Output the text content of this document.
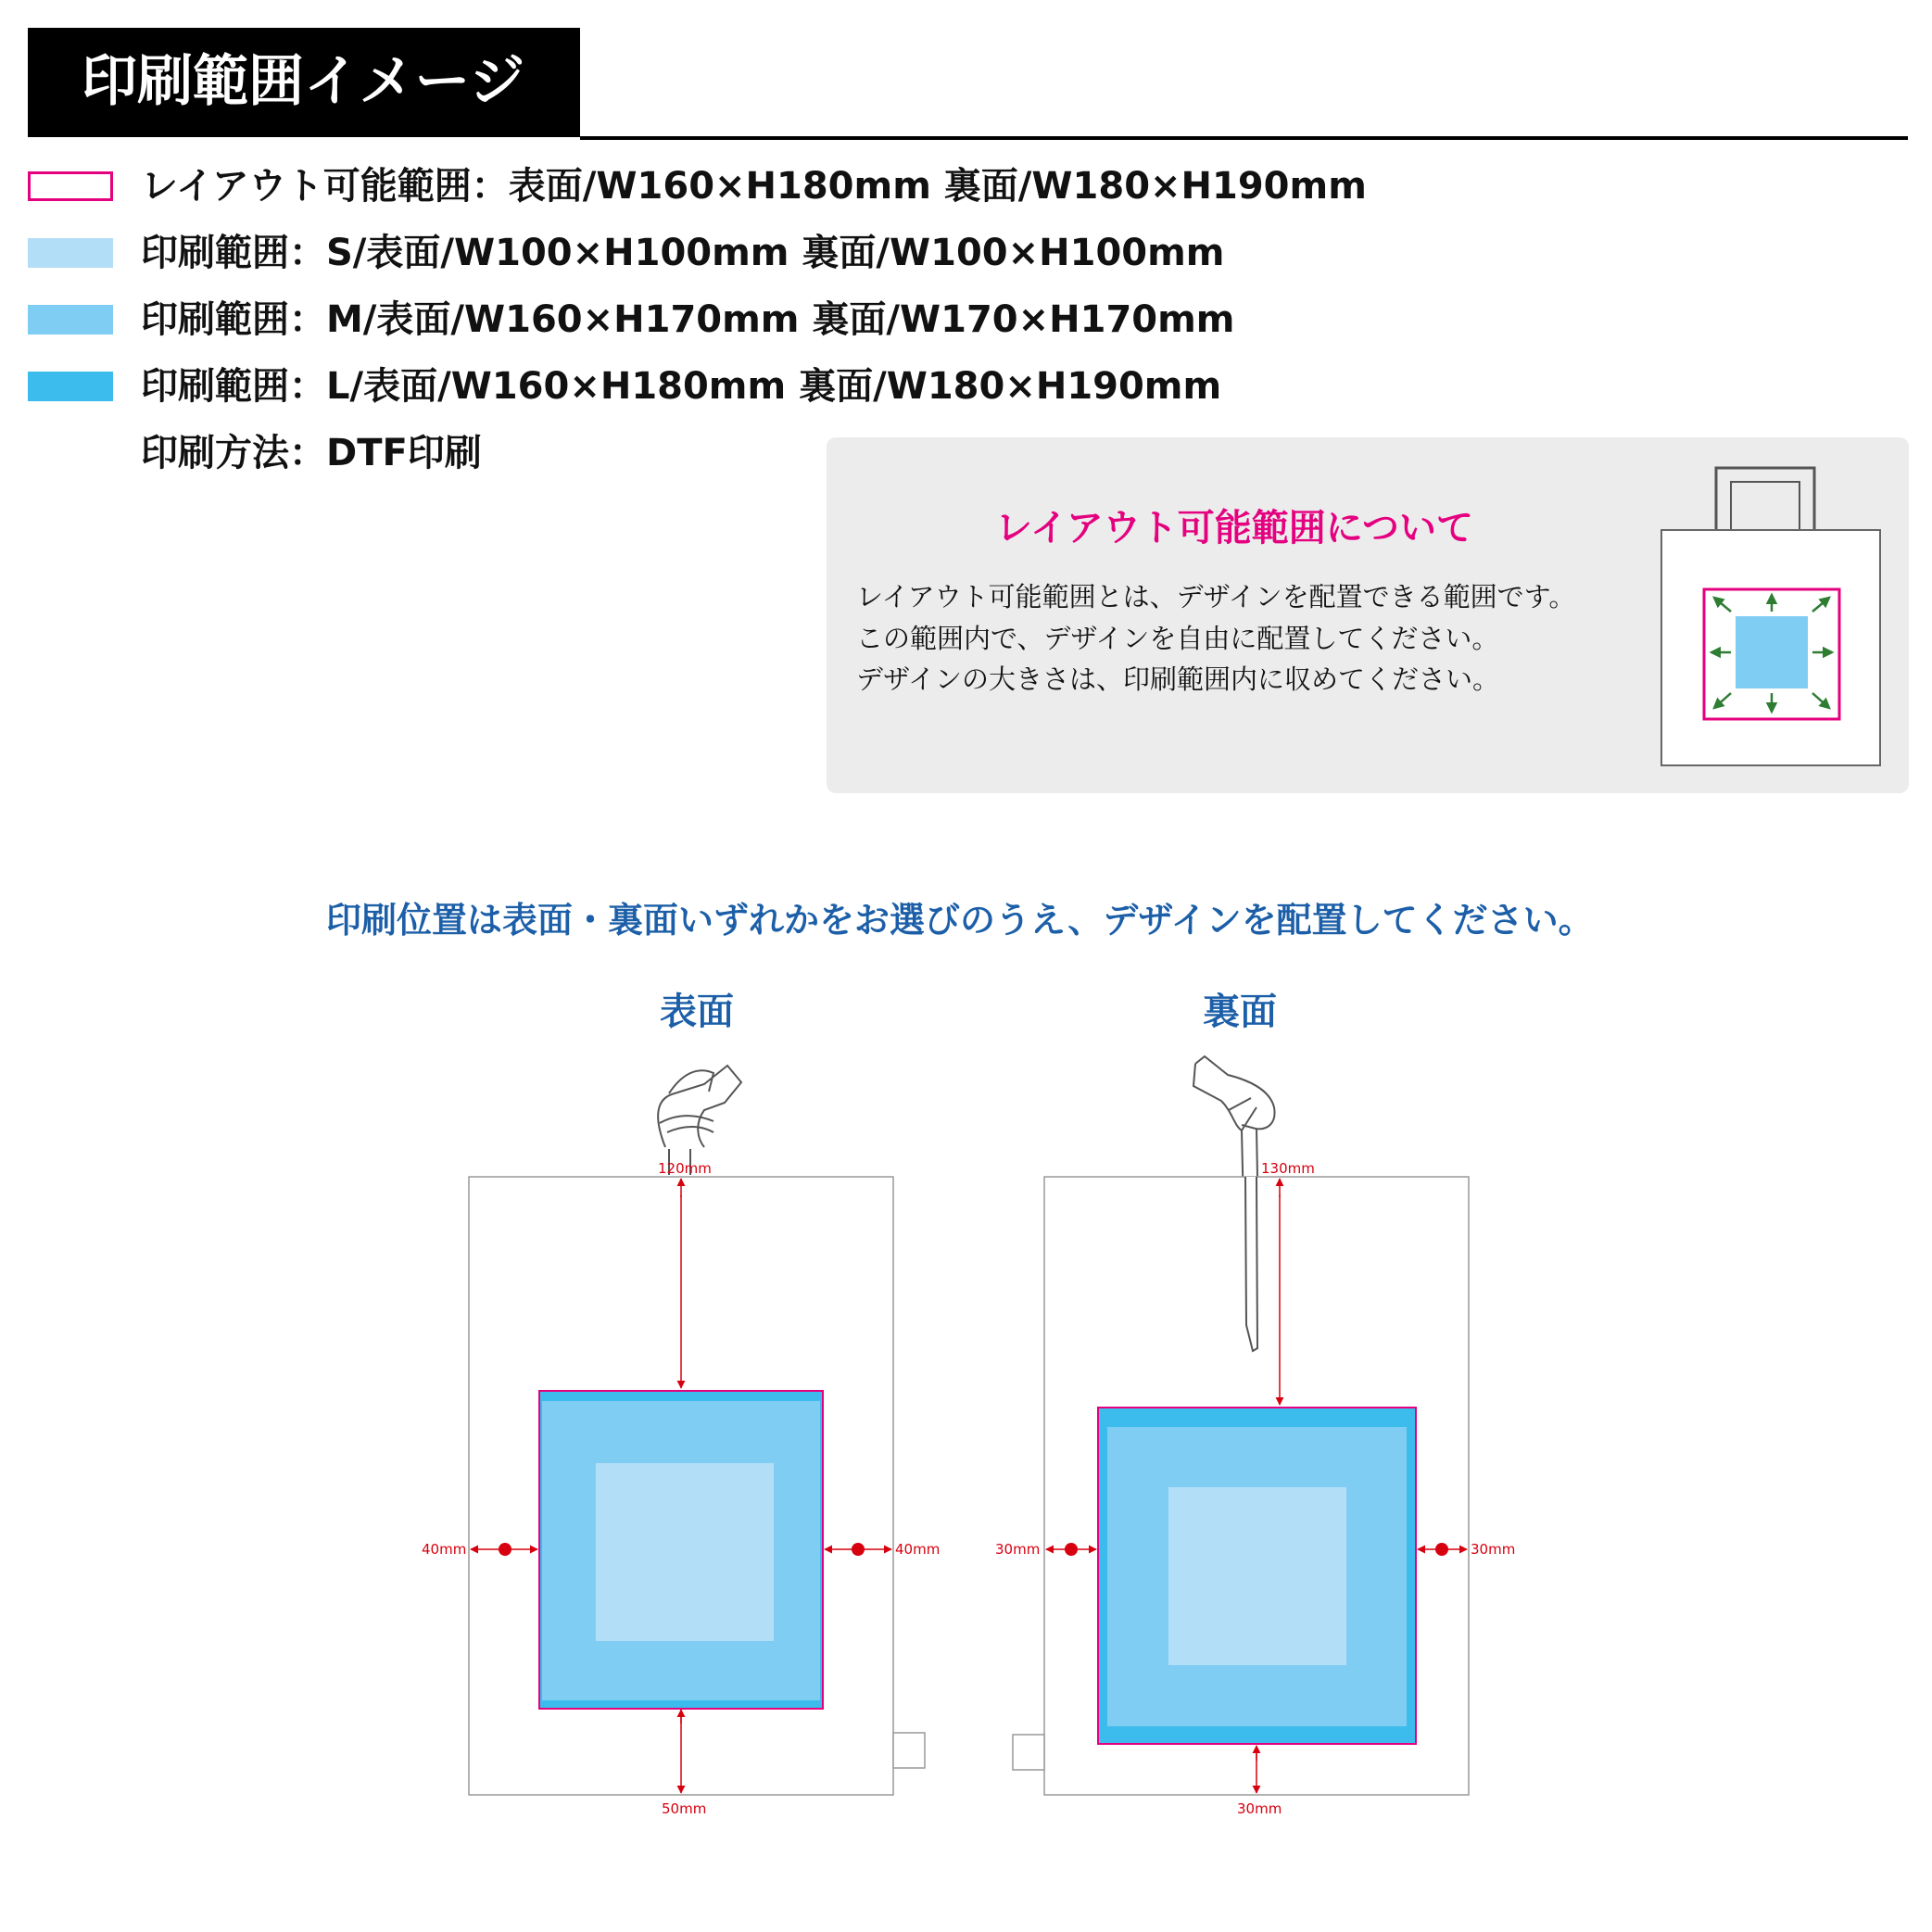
印刷範囲イメージ
レイアウト可能範囲：表面/W160×H180mm 裏面/W180×H190mm
印刷範囲：S/表面/W100×H100mm 裏面/W100×H100mm
印刷範囲：M/表面/W160×H170mm 裏面/W170×H170mm
印刷範囲：L/表面/W160×H180mm 裏面/W180×H190mm
印刷方法：DTF印刷
レイアウト可能範囲について
レイアウト可能範囲とは、デザインを配置できる範囲です。
この範囲内で、デザインを自由に配置してください。
デザインの大きさは、印刷範囲内に収めてください。
印刷位置は表面・裏面いずれかをお選びのうえ、デザインを配置してください。
表面	裏面
120mm
40mm	40mm
50mm
130mm
30mm	30mm
30mm
